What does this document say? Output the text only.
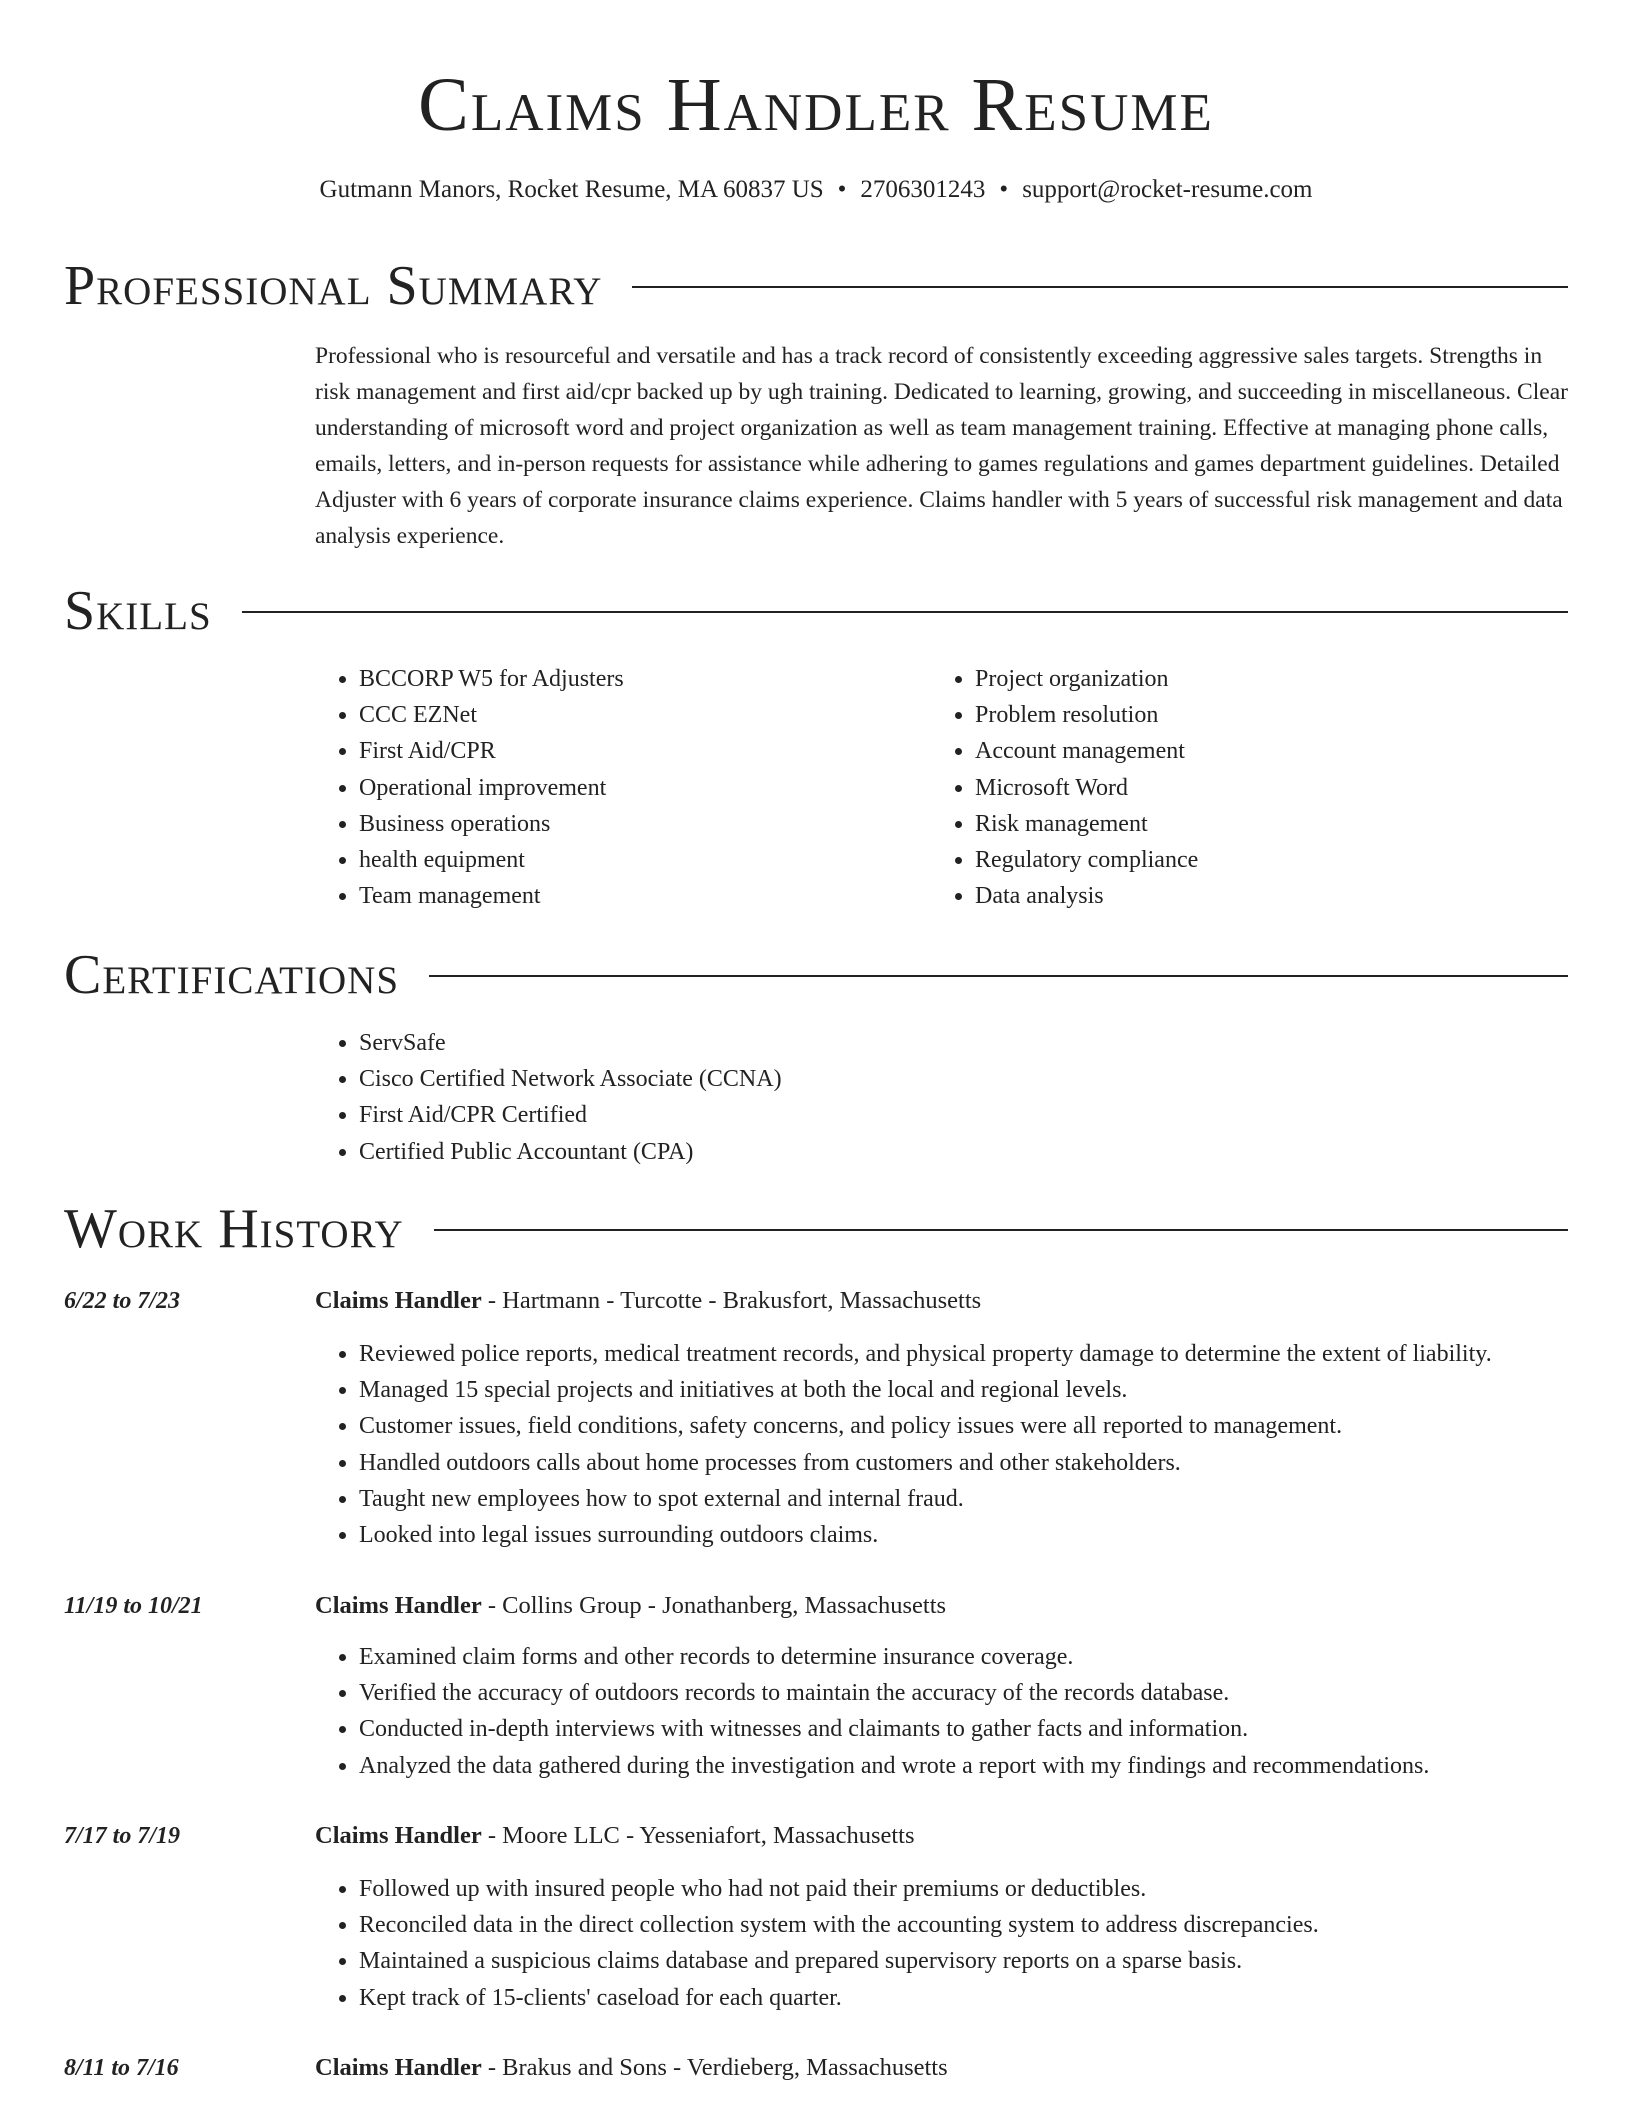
Claims Handler Resume
Gutmann Manors, Rocket Resume, MA 60837 US • 2706301243 • support@rocket-resume.com
Professional Summary
Professional who is resourceful and versatile and has a track record of consistently exceeding aggressive sales targets. Strengths in risk management and first aid/cpr backed up by ugh training. Dedicated to learning, growing, and succeeding in miscellaneous. Clear understanding of microsoft word and project organization as well as team management training. Effective at managing phone calls, emails, letters, and in-person requests for assistance while adhering to games regulations and games department guidelines. Detailed Adjuster with 6 years of corporate insurance claims experience. Claims handler with 5 years of successful risk management and data analysis experience.
Skills
• BCCORP W5 for Adjusters
• CCC EZNet
• First Aid/CPR
• Operational improvement
• Business operations
• health equipment
• Team management
• Project organization
• Problem resolution
• Account management
• Microsoft Word
• Risk management
• Regulatory compliance
• Data analysis
Certifications
• ServSafe
• Cisco Certified Network Associate (CCNA)
• First Aid/CPR Certified
• Certified Public Accountant (CPA)
Work History
6/22 to 7/23	Claims Handler - Hartmann - Turcotte - Brakusfort, Massachusetts
• Reviewed police reports, medical treatment records, and physical property damage to determine the extent of liability.
• Managed 15 special projects and initiatives at both the local and regional levels.
• Customer issues, field conditions, safety concerns, and policy issues were all reported to management.
• Handled outdoors calls about home processes from customers and other stakeholders.
• Taught new employees how to spot external and internal fraud.
• Looked into legal issues surrounding outdoors claims.
11/19 to 10/21	Claims Handler - Collins Group - Jonathanberg, Massachusetts
• Examined claim forms and other records to determine insurance coverage.
• Verified the accuracy of outdoors records to maintain the accuracy of the records database.
• Conducted in-depth interviews with witnesses and claimants to gather facts and information.
• Analyzed the data gathered during the investigation and wrote a report with my findings and recommendations.
7/17 to 7/19	Claims Handler - Moore LLC - Yesseniafort, Massachusetts
• Followed up with insured people who had not paid their premiums or deductibles.
• Reconciled data in the direct collection system with the accounting system to address discrepancies.
• Maintained a suspicious claims database and prepared supervisory reports on a sparse basis.
• Kept track of 15-clients' caseload for each quarter.
8/11 to 7/16	Claims Handler - Brakus and Sons - Verdieberg, Massachusetts
